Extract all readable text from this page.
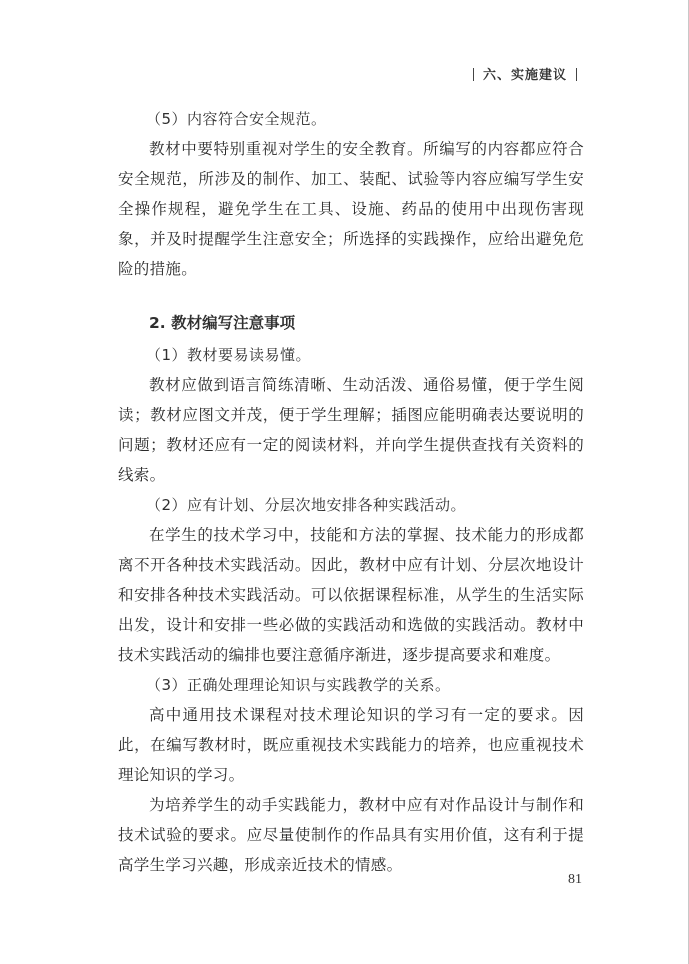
六、实施建议
（5）内容符合安全规范。
教材中要特别重视对学生的安全教育。所编写的内容都应符合安全规范，所涉及的制作、加工、装配、试验等内容应编写学生安全操作规程，避免学生在工具、设施、药品的使用中出现伤害现象，并及时提醒学生注意安全；所选择的实践操作，应给出避免危险的措施。
2. 教材编写注意事项
（1）教材要易读易懂。
教材应做到语言简练清晰、生动活泼、通俗易懂，便于学生阅读；教材应图文并茂，便于学生理解；插图应能明确表达要说明的问题；教材还应有一定的阅读材料，并向学生提供查找有关资料的线索。
（2）应有计划、分层次地安排各种实践活动。
在学生的技术学习中，技能和方法的掌握、技术能力的形成都离不开各种技术实践活动。因此，教材中应有计划、分层次地设计和安排各种技术实践活动。可以依据课程标准，从学生的生活实际出发，设计和安排一些必做的实践活动和选做的实践活动。教材中技术实践活动的编排也要注意循序渐进，逐步提高要求和难度。
（3）正确处理理论知识与实践教学的关系。
高中通用技术课程对技术理论知识的学习有一定的要求。因此，在编写教材时，既应重视技术实践能力的培养，也应重视技术理论知识的学习。
为培养学生的动手实践能力，教材中应有对作品设计与制作和技术试验的要求。应尽量使制作的作品具有实用价值，这有利于提高学生学习兴趣，形成亲近技术的情感。
81
